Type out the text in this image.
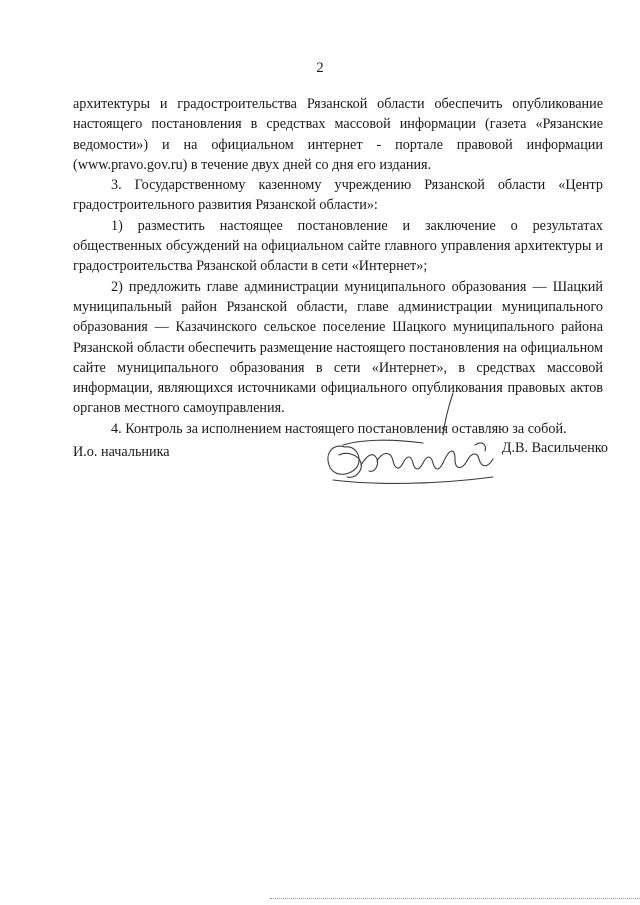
2

архитектуры и градостроительства Рязанской области обеспечить опубликование настоящего постановления в средствах массовой информации (газета «Рязанские ведомости») и на официальном интернет - портале правовой информации (www.pravo.gov.ru) в течение двух дней со дня его издания.

3. Государственному казенному учреждению Рязанской области «Центр градостроительного развития Рязанской области»:

1) разместить настоящее постановление и заключение о результатах общественных обсуждений на официальном сайте главного управления архитектуры и градостроительства Рязанской области в сети «Интернет»;

2) предложить главе администрации муниципального образования — Шацкий муниципальный район Рязанской области, главе администрации муниципального образования — Казачинского сельское поселение Шацкого муниципального района Рязанской области обеспечить размещение настоящего постановления на официальном сайте муниципального образования в сети «Интернет», в средствах массовой информации, являющихся источниками официального опубликования правовых актов органов местного самоуправления.

4. Контроль за исполнением настоящего постановления оставляю за собой.

И.о. начальника	Д.В. Васильченко
